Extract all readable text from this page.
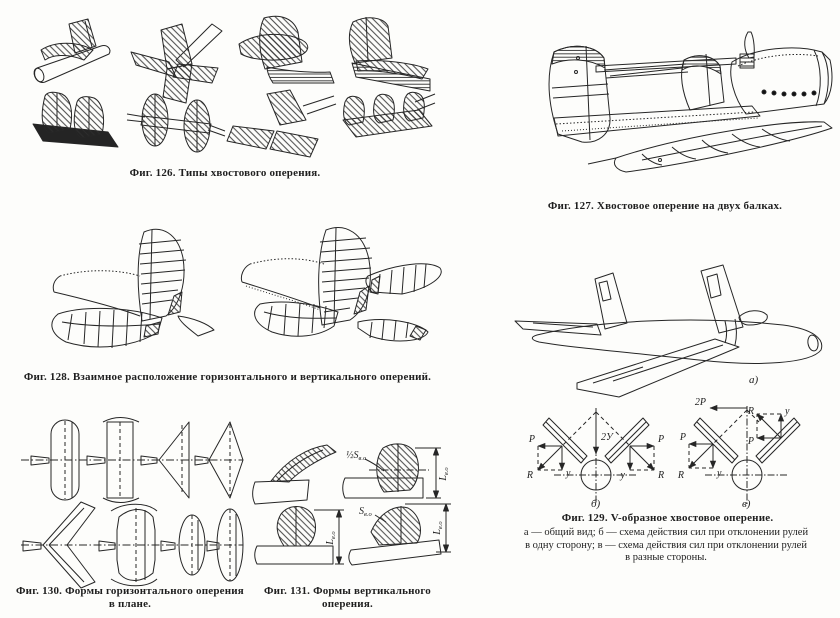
Фиг. 126. Типы хвостового оперения.
Фиг. 127. Хвостовое оперение на двух балках.
Фиг. 128. Взаимное расположение горизонтального и вертикального оперений.	а)
2У
P
у
R
P
у	R
2Р
P
у
R
у
P
R
б)	в)
Фиг. 129. V-образное хвостовое оперение.
а — общий вид; б — схема действия сил при отклонении рулей
в одну сторону; в — схема действия сил при отклонении рулей
в разные стороны.
Фиг. 130. Формы горизонтального оперения
в плане.
$\frac{1}{2}S_{в.о}$
$L_{в.о}$
$L_{в.о}$
$S_{в.о}$
$L_{в.о}$
Фиг. 131. Формы вертикального оперения.
